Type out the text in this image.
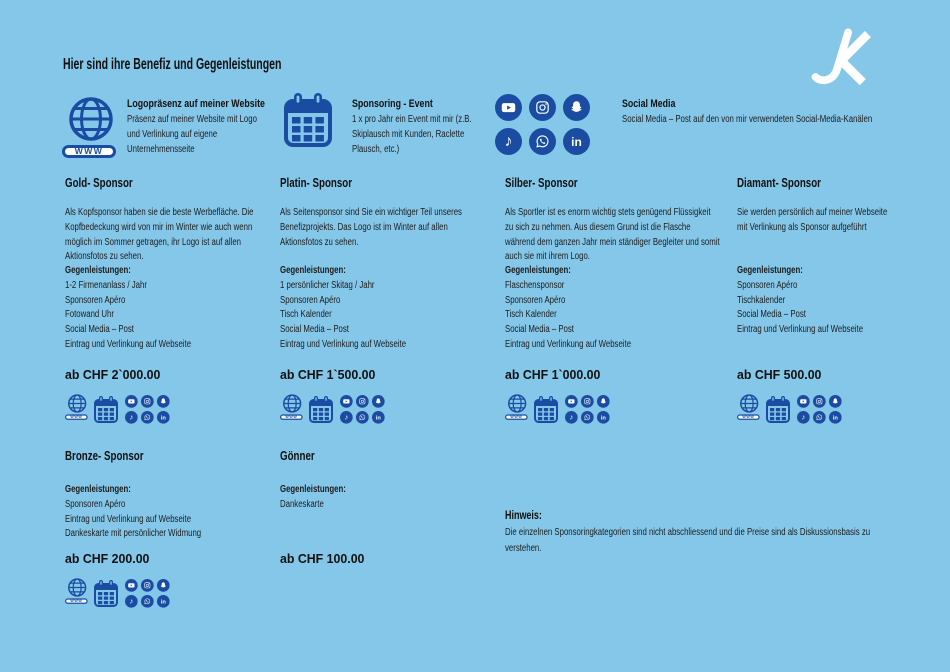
Hier sind ihre Benefiz und Gegenleistungen
WWW
Logopräsenz auf meiner Website
Präsenz auf meiner Website mit Logo
und Verlinkung auf eigene
Unternehmensseite
Sponsoring - Event
1 x pro Jahr ein Event mit mir (z.B.
Skiplausch mit Kunden, Raclette
Plausch, etc.)	♪	in
Social Media
Social Media – Post auf den von mir verwendeten Social-Media-Kanälen
Gold- Sponsor
Als Kopfsponsor haben sie die beste Werbefläche. Die
Kopfbedeckung wird von mir im Winter wie auch wenn
möglich im Sommer getragen, ihr Logo ist auf allen
Aktionsfotos zu sehen.
Gegenleistungen:
1-2 Firmenanlass / Jahr
Sponsoren Apéro
Fotowand Uhr
Social Media – Post
Eintrag und Verlinkung auf Webseite
ab CHF 2`000.00
WWW	♪ in
Platin- Sponsor
Als Seitensponsor sind Sie ein wichtiger Teil unseres
Benefizprojekts. Das Logo ist im Winter auf allen
Aktionsfotos zu sehen.
Gegenleistungen:
1 persönlicher Skitag / Jahr
Sponsoren Apéro
Tisch Kalender
Social Media – Post
Eintrag und Verlinkung auf Webseite
ab CHF 1`500.00
WWW	♪ in
Silber- Sponsor
Als Sportler ist es enorm wichtig stets genügend Flüssigkeit
zu sich zu nehmen. Aus diesem Grund ist die Flasche
während dem ganzen Jahr mein ständiger Begleiter und somit
auch sie mit ihrem Logo.
Gegenleistungen:
Flaschensponsor
Sponsoren Apéro
Tisch Kalender
Social Media – Post
Eintrag und Verlinkung auf Webseite
ab CHF 1`000.00
WWW	♪ in
Diamant- Sponsor
Sie werden persönlich auf meiner Webseite
mit Verlinkung als Sponsor aufgeführt
Gegenleistungen:
Sponsoren Apéro
Tischkalender
Social Media – Post
Eintrag und Verlinkung auf Webseite
ab CHF 500.00
WWW	♪ in
Bronze- Sponsor
Gegenleistungen:
Sponsoren Apéro
Eintrag und Verlinkung auf Webseite
Dankeskarte mit persönlicher Widmung
ab CHF 200.00
WWW	♪ in
Gönner
Gegenleistungen:
Dankeskarte
ab CHF 100.00
Hinweis:
Die einzelnen Sponsoringkategorien sind nicht abschliessend und die Preise sind als Diskussionsbasis zu
verstehen.
